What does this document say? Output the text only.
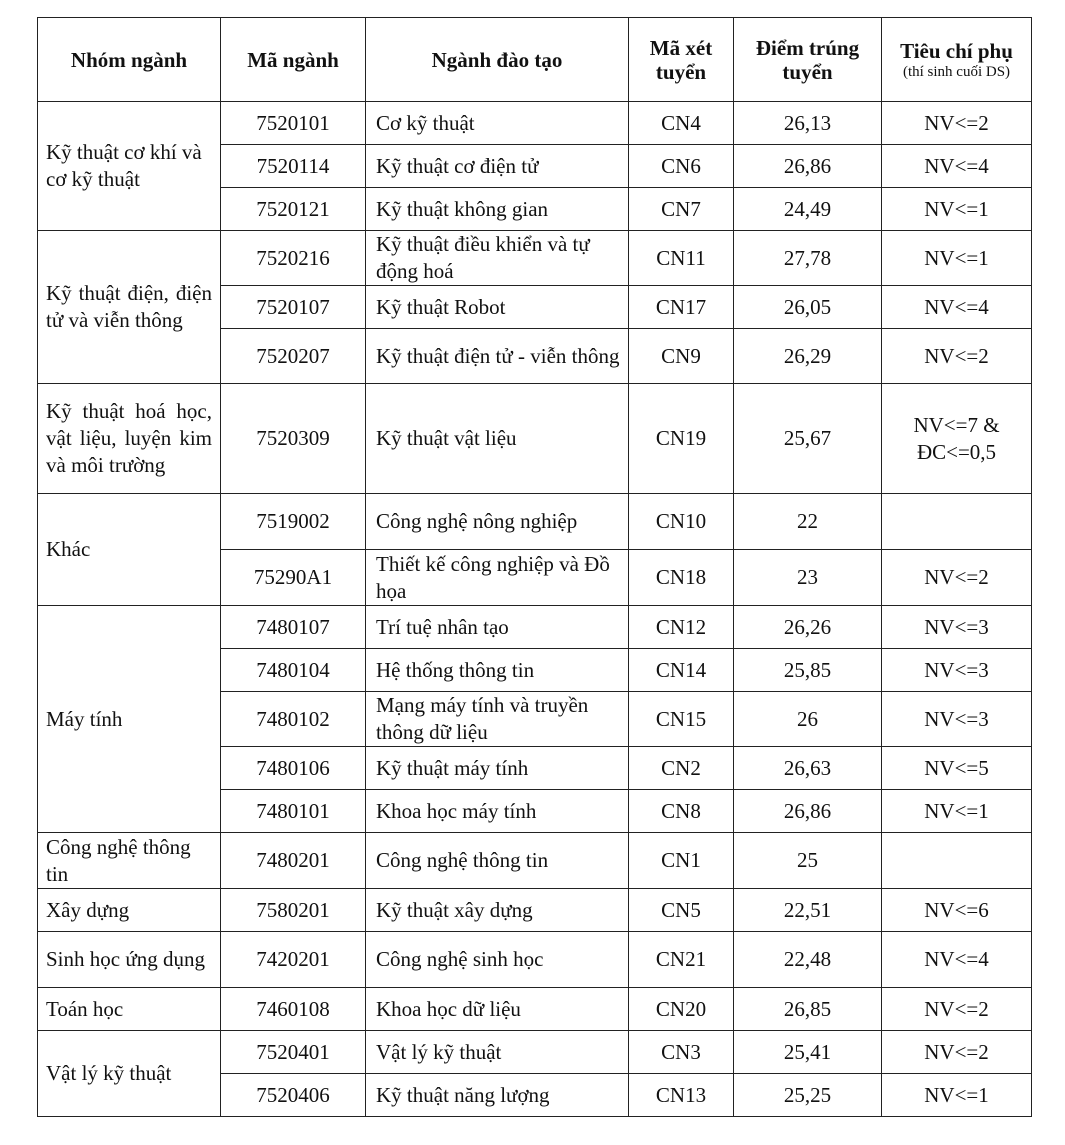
Nhóm ngành	Mã ngành	Ngành đào tạo	Mã xét tuyển	Điểm trúng tuyển	Tiêu chí phụ
(thí sinh cuối DS)

Kỹ thuật cơ khí và cơ kỹ thuật	7520101	Cơ kỹ thuật	CN4	26,13	NV<=2
	7520114	Kỹ thuật cơ điện tử	CN6	26,86	NV<=4
	7520121	Kỹ thuật không gian	CN7	24,49	NV<=1
Kỹ thuật điện, điện tử và viễn thông	7520216	Kỹ thuật điều khiển và tự động hoá	CN11	27,78	NV<=1
	7520107	Kỹ thuật Robot	CN17	26,05	NV<=4
	7520207	Kỹ thuật điện tử - viễn thông	CN9	26,29	NV<=2
Kỹ thuật hoá học, vật liệu, luyện kim và môi trường	7520309	Kỹ thuật vật liệu	CN19	25,67	NV<=7 &
ĐC<=0,5
Khác	7519002	Công nghệ nông nghiệp	CN10	22	
	75290A1	Thiết kế công nghiệp và Đồ họa	CN18	23	NV<=2
Máy tính	7480107	Trí tuệ nhân tạo	CN12	26,26	NV<=3
	7480104	Hệ thống thông tin	CN14	25,85	NV<=3
	7480102	Mạng máy tính và truyền thông dữ liệu	CN15	26	NV<=3
	7480106	Kỹ thuật máy tính	CN2	26,63	NV<=5
	7480101	Khoa học máy tính	CN8	26,86	NV<=1
Công nghệ thông tin	7480201	Công nghệ thông tin	CN1	25	
Xây dựng	7580201	Kỹ thuật xây dựng	CN5	22,51	NV<=6
Sinh học ứng dụng	7420201	Công nghệ sinh học	CN21	22,48	NV<=4
Toán học	7460108	Khoa học dữ liệu	CN20	26,85	NV<=2
Vật lý kỹ thuật	7520401	Vật lý kỹ thuật	CN3	25,41	NV<=2
	7520406	Kỹ thuật năng lượng	CN13	25,25	NV<=1
